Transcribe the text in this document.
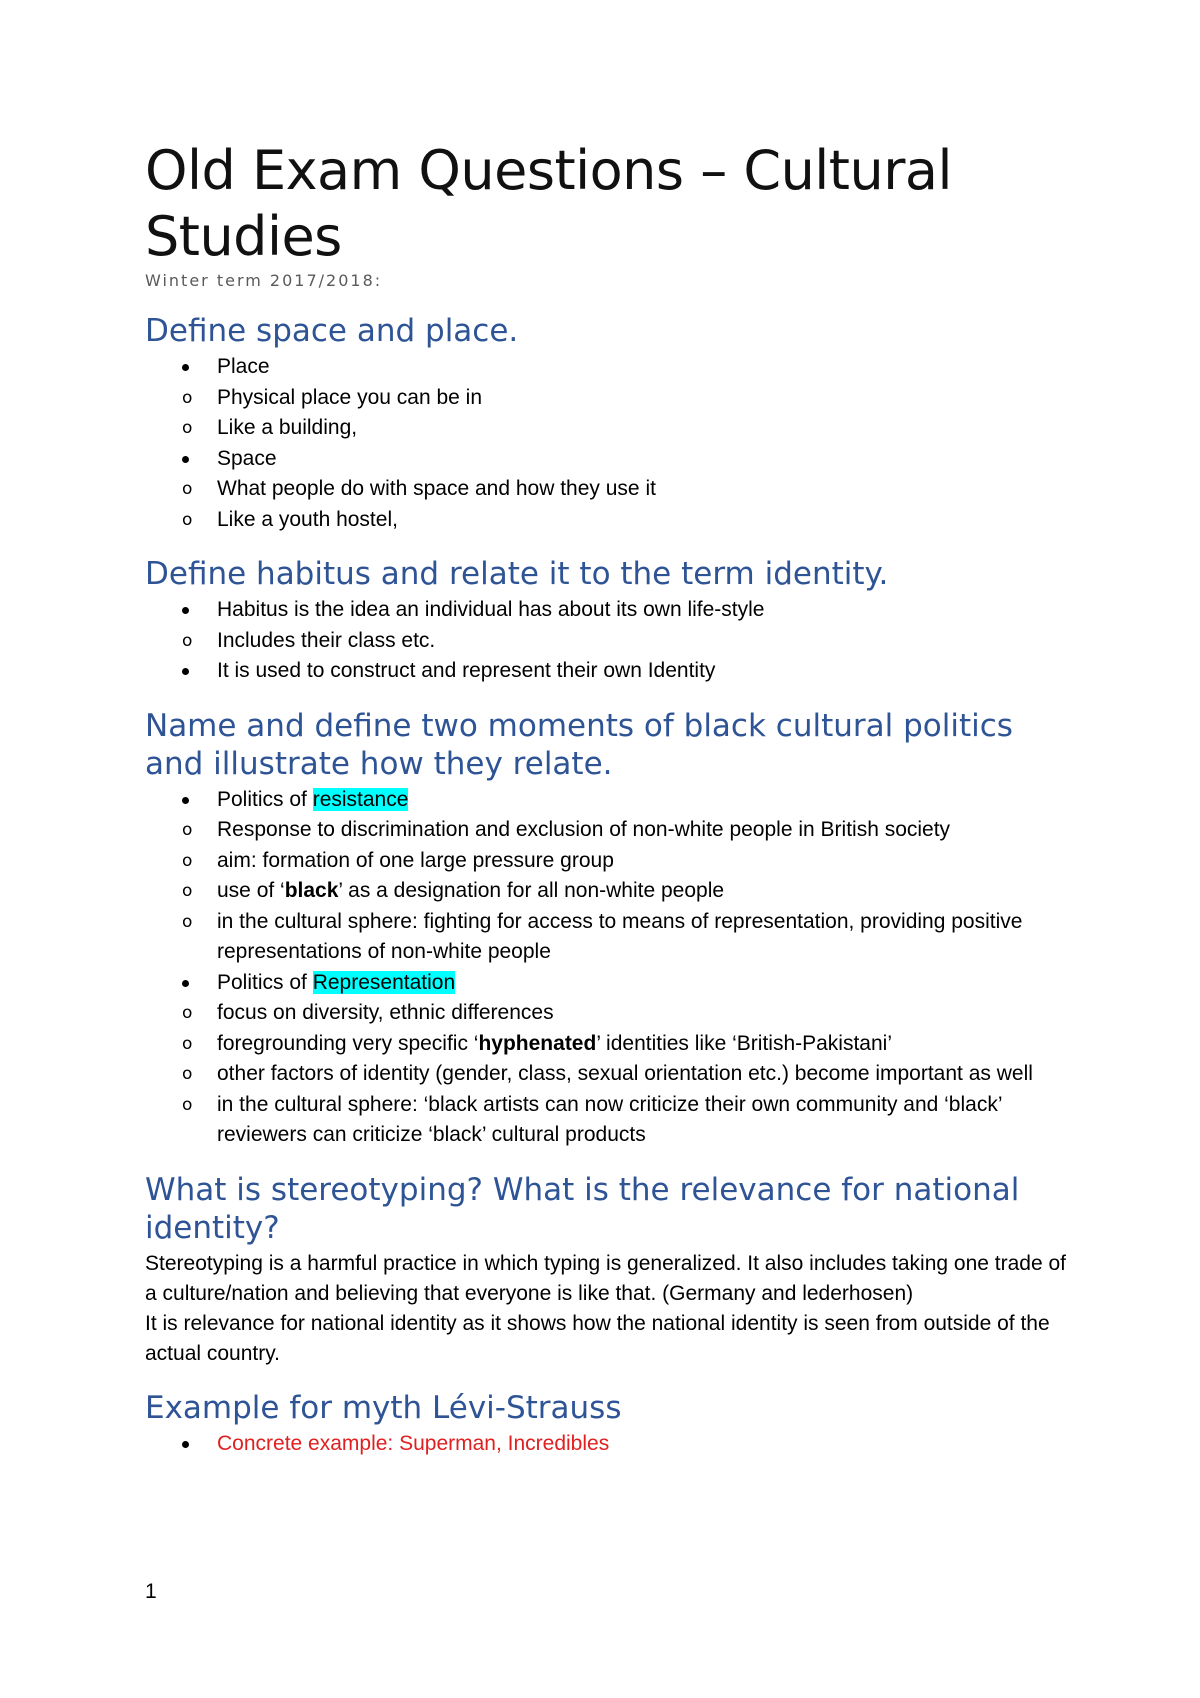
Old Exam Questions – Cultural Studies

Winter term 2017/2018:

Define space and place.
Place
o Physical place you can be in
o Like a building,
Space
o What people do with space and how they use it
o Like a youth hostel,
Define habitus and relate it to the term identity.
Habitus is the idea an individual has about its own life-style
o Includes their class etc.
It is used to construct and represent their own Identity
Name and define two moments of black cultural politics and illustrate how they relate.
Politics of resistance
o Response to discrimination and exclusion of non-white people in British society
o aim: formation of one large pressure group
o use of ‘black’ as a designation for all non-white people
o in the cultural sphere: fighting for access to means of representation, providing positive representations of non-white people
Politics of Representation
o focus on diversity, ethnic differences
o foregrounding very specific ‘hyphenated’ identities like ‘British-Pakistani’
o other factors of identity (gender, class, sexual orientation etc.) become important as well
o in the cultural sphere: ‘black artists can now criticize their own community and ‘black’ reviewers can criticize ‘black’ cultural products
What is stereotyping? What is the relevance for national identity?

Stereotyping is a harmful practice in which typing is generalized. It also includes taking one trade of a culture/nation and believing that everyone is like that. (Germany and lederhosen)

It is relevance for national identity as it shows how the national identity is seen from outside of the actual country.

Example for myth Lévi-Strauss
Concrete example: Superman, Incredibles
1
